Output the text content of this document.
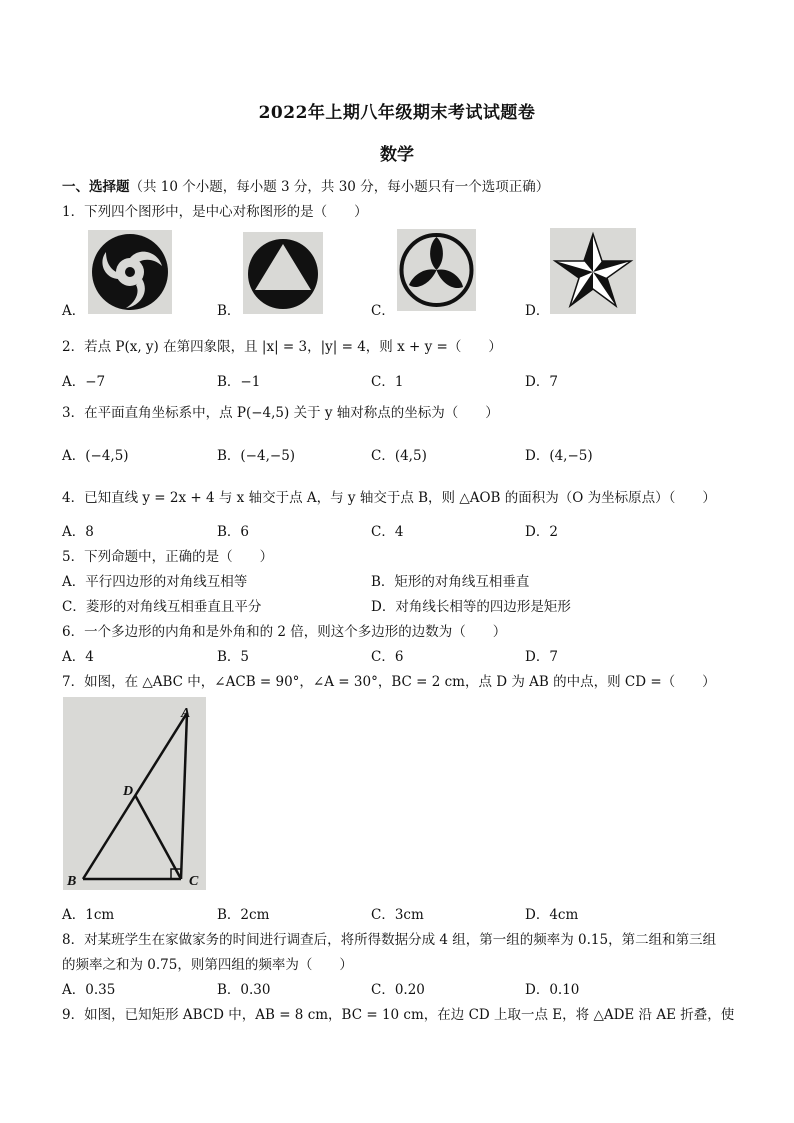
2022年上期八年级期末考试试题卷
数学
一、选择题（共 10 个小题，每小题 3 分，共 30 分，每小题只有一个选项正确）
1．下列四个图形中，是中心对称图形的是（　　）
A．	B．	C．	D．
2．若点 P(x, y) 在第四象限，且 |x| = 3，|y| = 4，则 x + y =（　　）
A．−7	B．−1	C．1	D．7
3．在平面直角坐标系中，点 P(−4,5) 关于 y 轴对称点的坐标为（　　）
A．(−4,5)	B．(−4,−5)	C．(4,5)	D．(4,−5)
4．已知直线 y = 2x + 4 与 x 轴交于点 A，与 y 轴交于点 B，则 △AOB 的面积为（O 为坐标原点）（　　）
A．8	B．6	C．4	D．2
5．下列命题中，正确的是（　　）
A．平行四边形的对角线互相等	B．矩形的对角线互相垂直
C．菱形的对角线互相垂直且平分	D．对角线长相等的四边形是矩形
6．一个多边形的内角和是外角和的 2 倍，则这个多边形的边数为（　　）
A．4	B．5	C．6	D．7
7．如图，在 △ABC 中，∠ACB = 90°，∠A = 30°，BC = 2 cm，点 D 为 AB 的中点，则 CD =（　　）
A
D
B	C
A．1cm	B．2cm	C．3cm	D．4cm
8．对某班学生在家做家务的时间进行调查后，将所得数据分成 4 组，第一组的频率为 0.15，第二组和第三组
的频率之和为 0.75，则第四组的频率为（　　）
A．0.35	B．0.30	C．0.20	D．0.10
9．如图，已知矩形 ABCD 中，AB = 8 cm，BC = 10 cm，在边 CD 上取一点 E，将 △ADE 沿 AE 折叠，使
